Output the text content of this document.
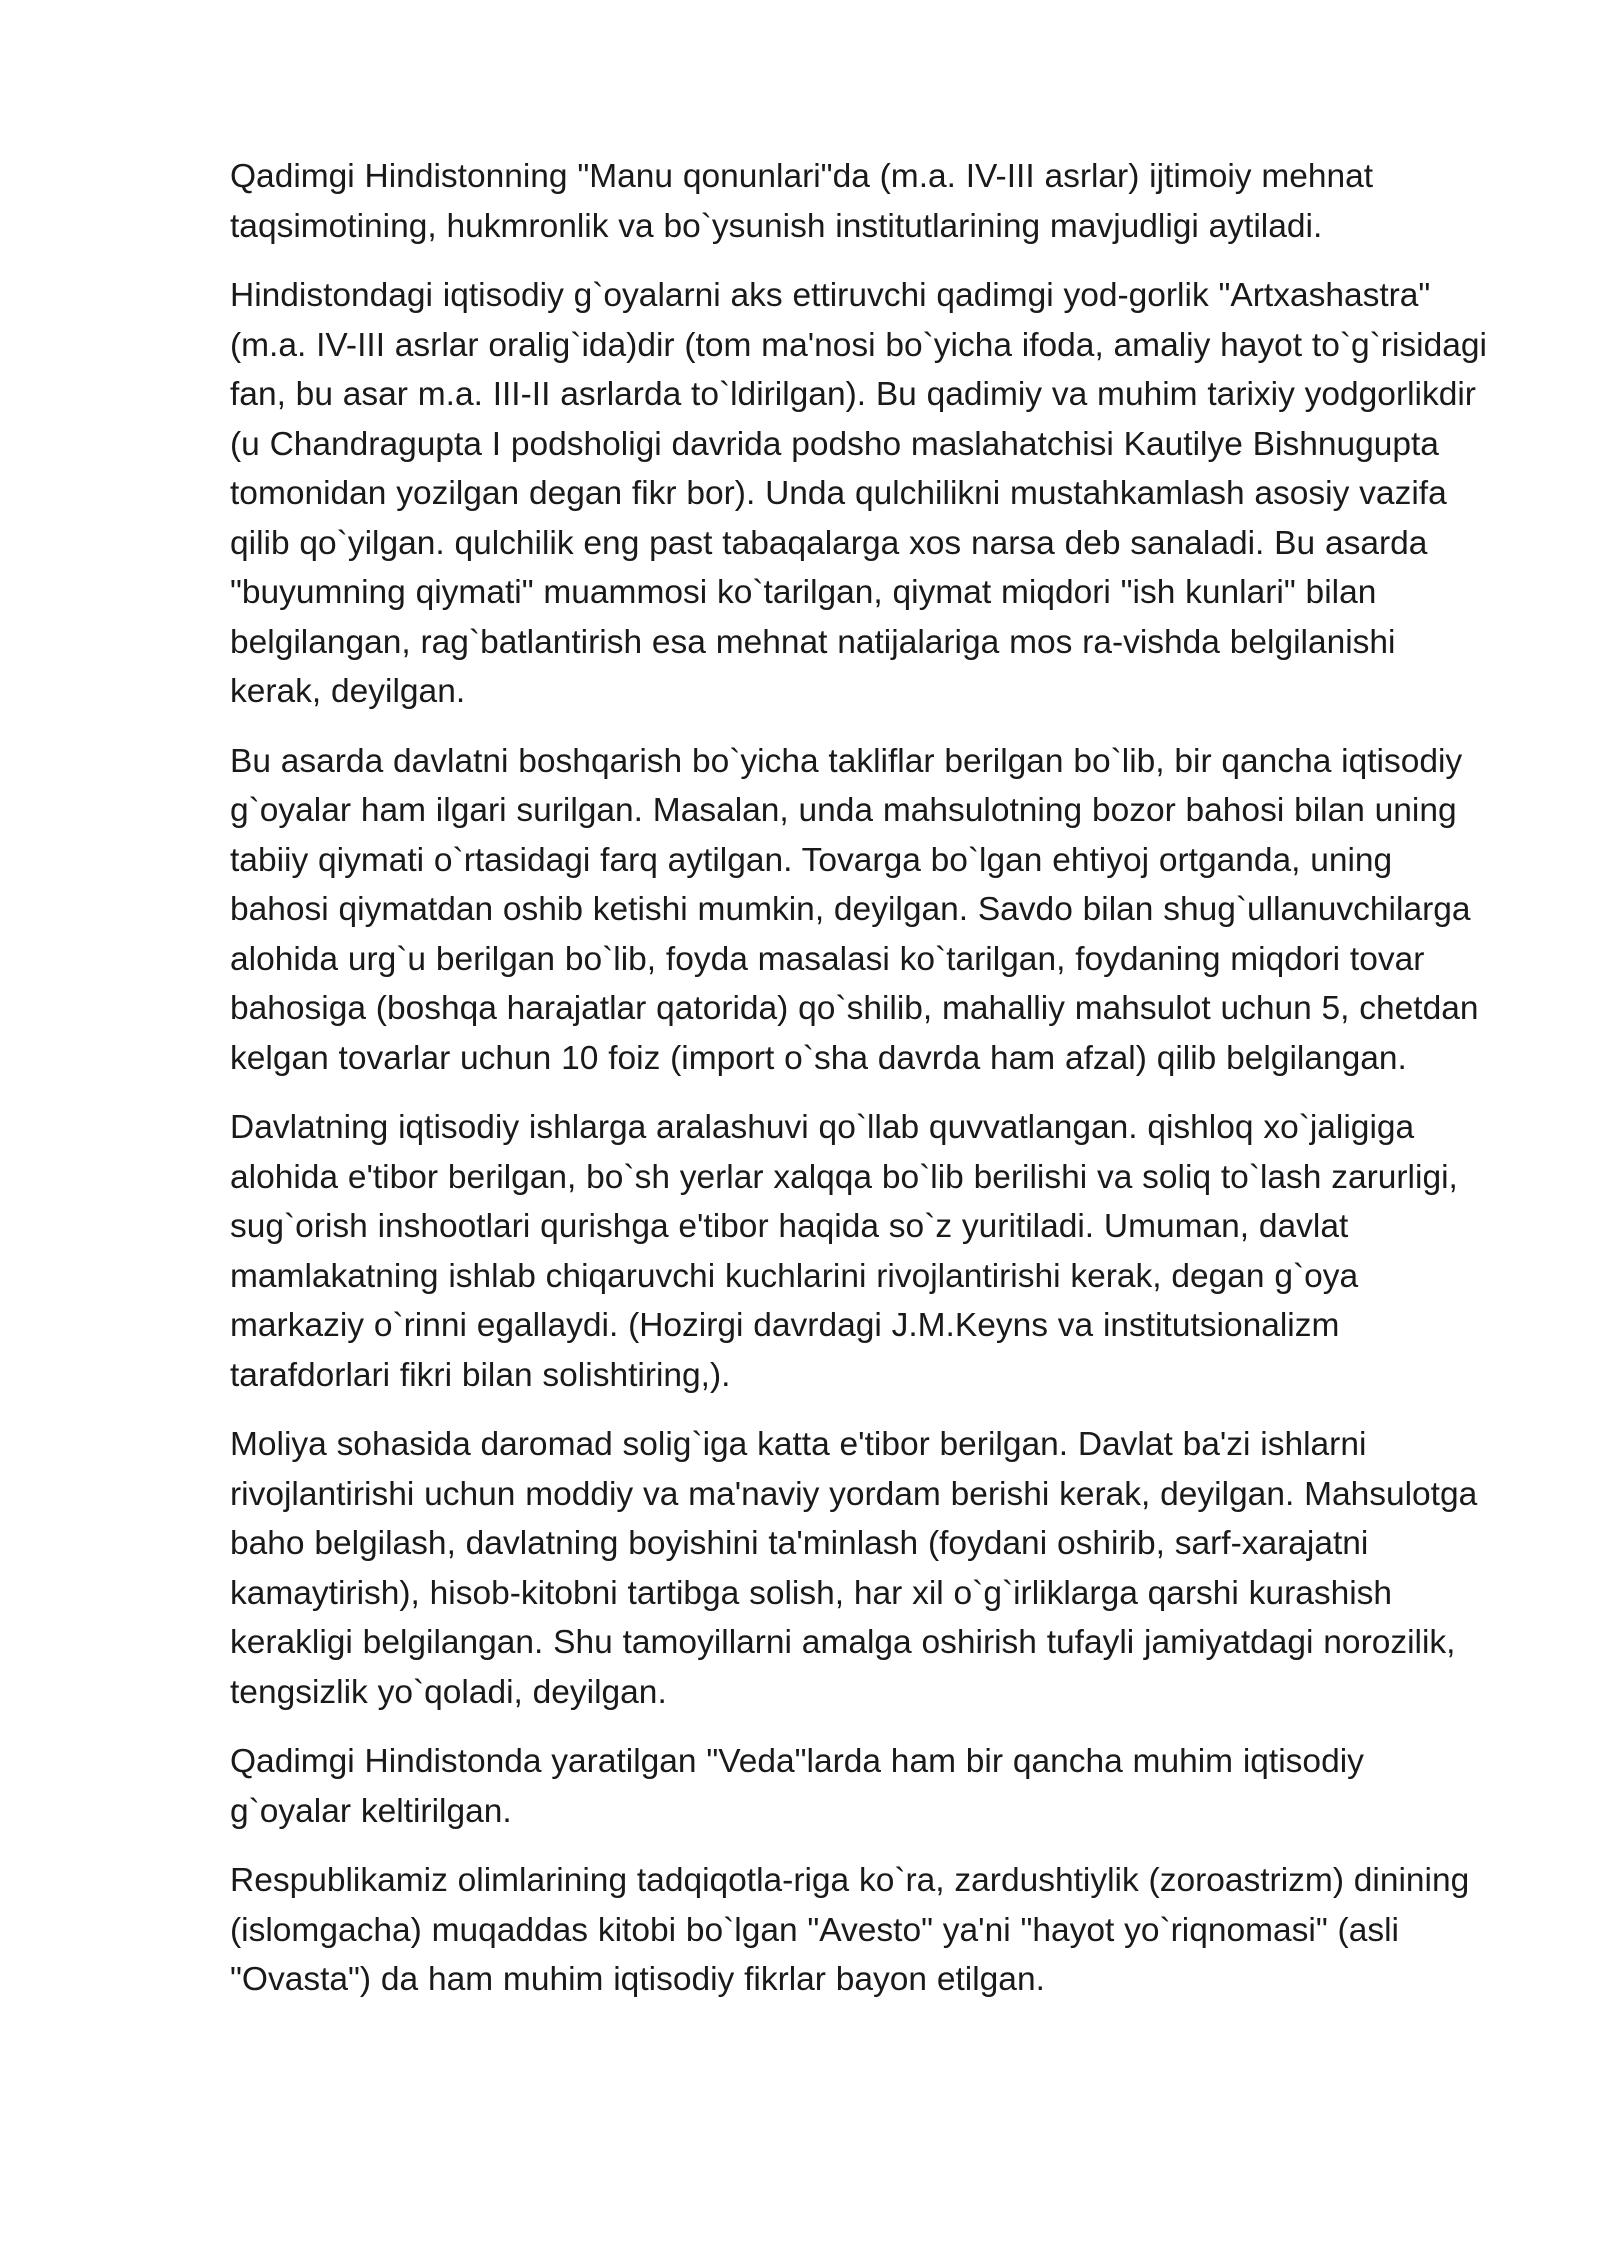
Qadimgi Hindistonning "Manu qonunlari"da (m.a. IV-III asrlar) ijtimoiy mehnat taqsimotining, hukmronlik va bo`ysunish institutlarining mavjudligi aytiladi.

Hindistondagi iqtisodiy g`oyalarni aks ettiruvchi qadimgi yod-gorlik "Artxashastra" (m.a. IV-III asrlar oralig`ida)dir (tom ma'nosi bo`yicha ifoda, amaliy hayot to`g`risidagi fan, bu asar m.a. III-II asrlarda to`ldirilgan). Bu qadimiy va muhim tarixiy yodgorlikdir (u Chandragupta I podsholigi davrida podsho maslahatchisi Kautilye Bishnugupta tomonidan yozilgan degan fikr bor). Unda qulchilikni mustahkamlash asosiy vazifa qilib qo`yilgan. qulchilik eng past tabaqalarga xos narsa deb sanaladi. Bu asarda "buyumning qiymati" muammosi ko`tarilgan, qiymat miqdori "ish kunlari" bilan belgilangan, rag`batlantirish esa mehnat natijalariga mos ra-vishda belgilanishi kerak, deyilgan.

Bu asarda davlatni boshqarish bo`yicha takliflar berilgan bo`lib, bir qancha iqtisodiy g`oyalar ham ilgari surilgan. Masalan, unda mahsulotning bozor bahosi bilan uning tabiiy qiymati o`rtasidagi farq aytilgan. Tovarga bo`lgan ehtiyoj ortganda, uning bahosi qiymatdan oshib ketishi mumkin, deyilgan. Savdo bilan shug`ullanuvchilarga alohida urg`u berilgan bo`lib, foyda masalasi ko`tarilgan, foydaning miqdori tovar bahosiga (boshqa harajatlar qatorida) qo`shilib, mahalliy mahsulot uchun 5, chetdan kelgan tovarlar uchun 10 foiz (import o`sha davrda ham afzal) qilib belgilangan.

Davlatning iqtisodiy ishlarga aralashuvi qo`llab quvvatlangan. qishloq xo`jaligiga alohida e'tibor berilgan, bo`sh yerlar xalqqa bo`lib berilishi va soliq to`lash zarurligi, sug`orish inshootlari qurishga e'tibor haqida so`z yuritiladi. Umuman, davlat mamlakatning ishlab chiqaruvchi kuchlarini rivojlantirishi kerak, degan g`oya markaziy o`rinni egallaydi. (Hozirgi davrdagi J.M.Keyns va institutsionalizm tarafdorlari fikri bilan solishtiring,).

Moliya sohasida daromad solig`iga katta e'tibor berilgan. Davlat ba'zi ishlarni rivojlantirishi uchun moddiy va ma'naviy yordam berishi kerak, deyilgan. Mahsulotga baho belgilash, davlatning boyishini ta'minlash (foydani oshirib, sarf-xarajatni kamaytirish), hisob-kitobni tartibga solish, har xil o`g`irliklarga qarshi kurashish kerakligi belgilangan. Shu tamoyillarni amalga oshirish tufayli jamiyatdagi norozilik, tengsizlik yo`qoladi, deyilgan.

Qadimgi Hindistonda yaratilgan "Veda"larda ham bir qancha muhim iqtisodiy g`oyalar keltirilgan.

Respublikamiz olimlarining tadqiqotla-riga ko`ra, zardushtiylik (zoroastrizm) dinining (islomgacha) muqaddas kitobi bo`lgan "Avesto" ya'ni "hayot yo`riqnomasi" (asli "Ovasta") da ham muhim iqtisodiy fikrlar bayon etilgan.
